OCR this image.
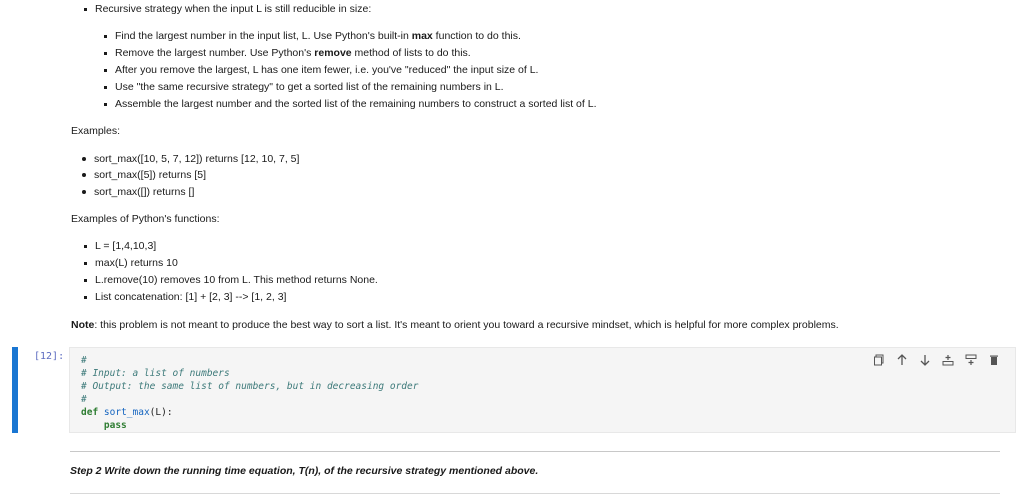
Recursive strategy when the input L is still reducible in size:
Find the largest number in the input list, L. Use Python's built-in max function to do this.
Remove the largest number. Use Python's remove method of lists to do this.
After you remove the largest, L has one item fewer, i.e. you've "reduced" the input size of L.
Use "the same recursive strategy" to get a sorted list of the remaining numbers in L.
Assemble the largest number and the sorted list of the remaining numbers to construct a sorted list of L.
Examples:
sort_max([10, 5, 7, 12]) returns [12, 10, 7, 5]
sort_max([5]) returns [5]
sort_max([]) returns []
Examples of Python's functions:
L = [1,4,10,3]
max(L) returns 10
L.remove(10) removes 10 from L. This method returns None.
List concatenation: [1] + [2, 3] --> [1, 2, 3]
Note: this problem is not meant to produce the best way to sort a list. It's meant to orient you toward a recursive mindset, which is helpful for more complex problems.
[12]: #
# Input: a list of numbers
# Output: the same list of numbers, but in decreasing order
#
def sort_max(L):
pass
Step 2 Write down the running time equation, T(n), of the recursive strategy mentioned above.
